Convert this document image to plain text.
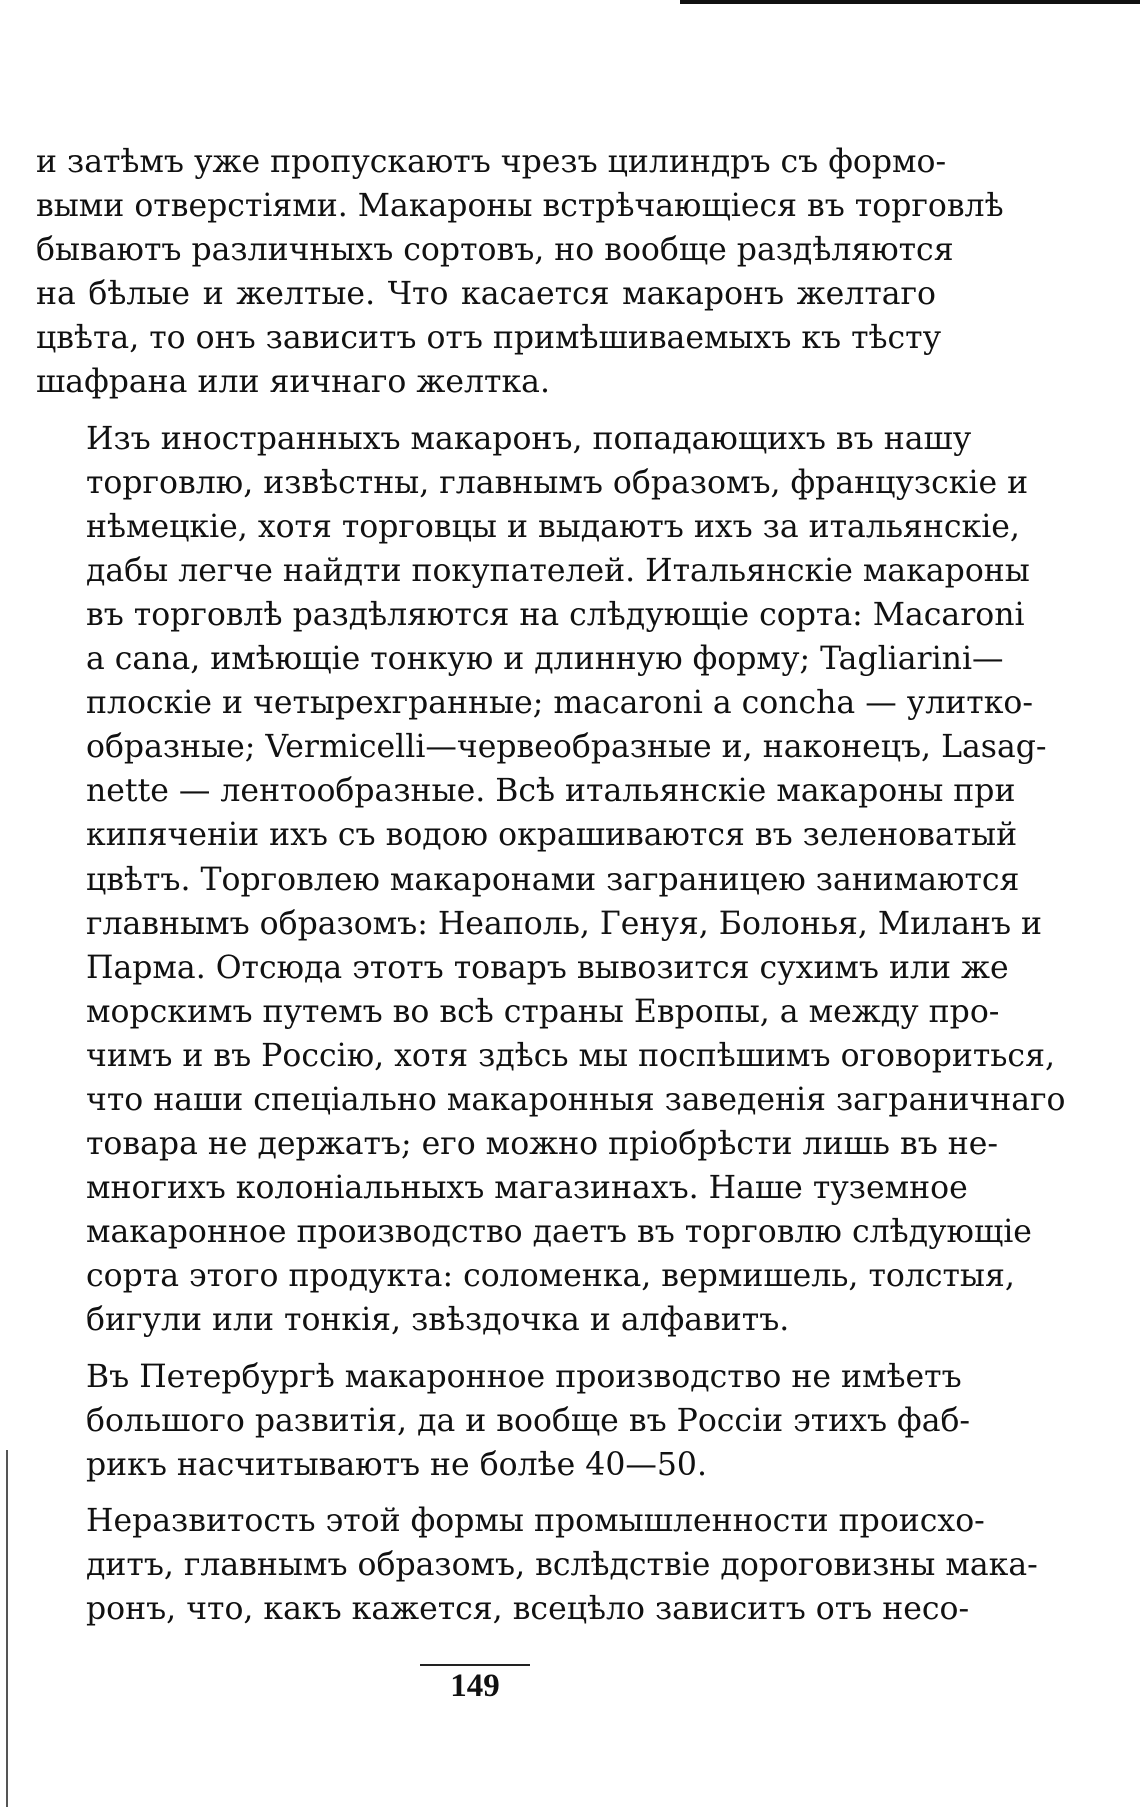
и затѣмъ уже пропускаютъ чрезъ цилиндръ съ формо-
выми отверстіями. Макароны встрѣчающіеся въ торговлѣ
бываютъ различныхъ сортовъ, но вообще раздѣляются
на бѣлые и желтые. Что касается макаронъ желтаго
цвѣта, то онъ зависитъ отъ примѣшиваемыхъ къ тѣсту
шафрана или яичнаго желтка.

Изъ иностранныхъ макаронъ, попадающихъ въ нашу
торговлю, извѣстны, главнымъ образомъ, французскіе и
нѣмецкіе, хотя торговцы и выдаютъ ихъ за итальянскіе,
дабы легче найдти покупателей. Итальянскіе макароны
въ торговлѣ раздѣляются на слѣдующіе сорта: Macaroni
a cana, имѣющіе тонкую и длинную форму; Tagliarini—
плоскіе и четырехгранные; macaroni a concha — улитко-
образные; Vermicelli—червеобразные и, наконецъ, Lasag-
nette — лентообразные. Всѣ итальянскіе макароны при
кипяченіи ихъ съ водою окрашиваются въ зеленоватый
цвѣтъ. Торговлею макаронами заграницею занимаются
главнымъ образомъ: Неаполь, Генуя, Болонья, Миланъ и
Парма. Отсюда этотъ товаръ вывозится сухимъ или же
морскимъ путемъ во всѣ страны Европы, а между про-
чимъ и въ Россію, хотя здѣсь мы поспѣшимъ оговориться,
что наши спеціально макаронныя заведенія заграничнаго
товара не держатъ; его можно пріобрѣсти лишь въ не-
многихъ колоніальныхъ магазинахъ. Наше туземное
макаронное производство даетъ въ торговлю слѣдующіе
сорта этого продукта: соломенка, вермишель, толстыя,
бигули или тонкія, звѣздочка и алфавитъ.

Въ Петербургѣ макаронное производство не имѣетъ
большого развитія, да и вообще въ Россіи этихъ фаб-
рикъ насчитываютъ не болѣе 40—50.

Неразвитость этой формы промышленности происхо-
дитъ, главнымъ образомъ, вслѣдствіе дороговизны мака-
ронъ, что, какъ кажется, всецѣло зависитъ отъ несо-

149
